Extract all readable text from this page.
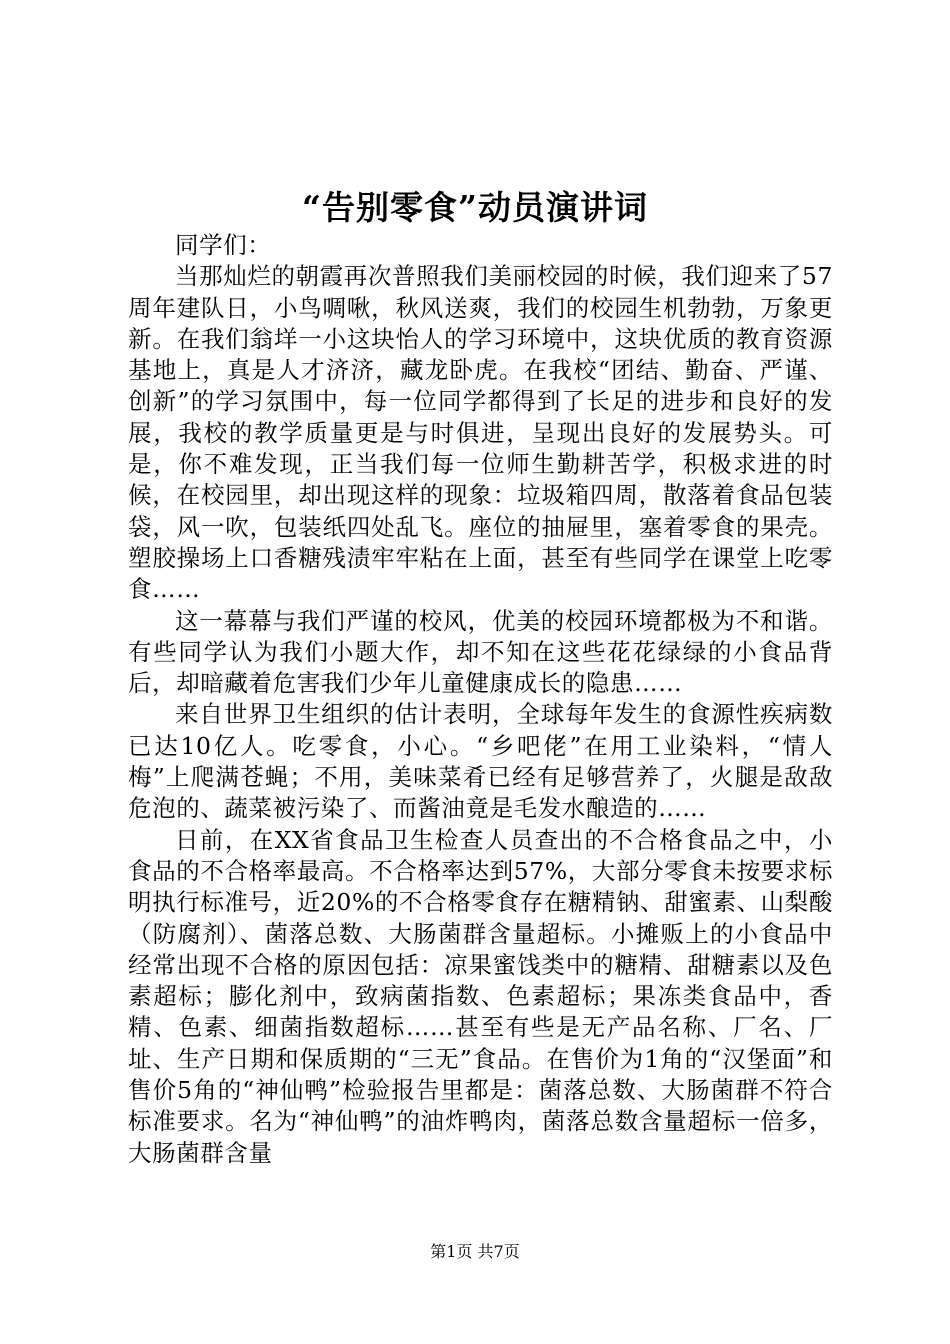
“告别零食”动员演讲词

同学们：

当那灿烂的朝霞再次普照我们美丽校园的时候，我们迎来了57周年建队日，小鸟啁啾，秋风送爽，我们的校园生机勃勃，万象更新。在我们翁垟一小这块怡人的学习环境中，这块优质的教育资源基地上，真是人才济济，藏龙卧虎。在我校“团结、勤奋、严谨、创新”的学习氛围中，每一位同学都得到了长足的进步和良好的发展，我校的教学质量更是与时俱进，呈现出良好的发展势头。可是，你不难发现，正当我们每一位师生勤耕苦学，积极求进的时候，在校园里，却出现这样的现象：垃圾箱四周，散落着食品包装袋，风一吹，包装纸四处乱飞。座位的抽屉里，塞着零食的果壳。塑胶操场上口香糖残渍牢牢粘在上面，甚至有些同学在课堂上吃零食……

这一幕幕与我们严谨的校风，优美的校园环境都极为不和谐。有些同学认为我们小题大作，却不知在这些花花绿绿的小食品背后，却暗藏着危害我们少年儿童健康成长的隐患……

来自世界卫生组织的估计表明，全球每年发生的食源性疾病数已达10亿人。吃零食，小心。“乡吧佬”在用工业染料，“情人梅”上爬满苍蝇；不用，美味菜肴已经有足够营养了，火腿是敌敌危泡的、蔬菜被污染了、而酱油竟是毛发水酿造的……

日前，在XX省食品卫生检查人员查出的不合格食品之中，小食品的不合格率最高。不合格率达到57%，大部分零食未按要求标明执行标准号，近20%的不合格零食存在糖精钠、甜蜜素、山梨酸（防腐剂）、菌落总数、大肠菌群含量超标。小摊贩上的小食品中经常出现不合格的原因包括：凉果蜜饯类中的糖精、甜糖素以及色素超标；膨化剂中，致病菌指数、色素超标；果冻类食品中，香精、色素、细菌指数超标……甚至有些是无产品名称、厂名、厂址、生产日期和保质期的“三无”食品。在售价为1角的“汉堡面”和售价5角的“神仙鸭”检验报告里都是：菌落总数、大肠菌群不符合标准要求。名为“神仙鸭”的油炸鸭肉，菌落总数含量超标一倍多，大肠菌群含量

第1页 共7页
